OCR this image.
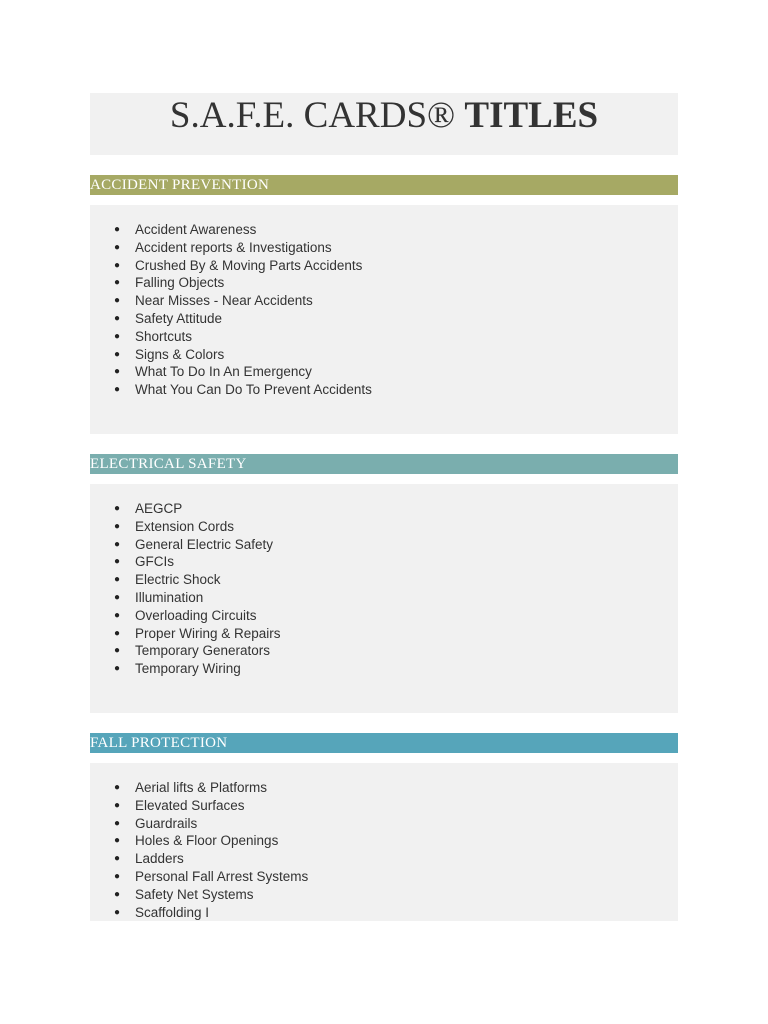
S.A.F.E. CARDS® TITLES
ACCIDENT PREVENTION
● Accident Awareness
● Accident reports & Investigations
● Crushed By & Moving Parts Accidents
● Falling Objects
● Near Misses - Near Accidents
● Safety Attitude
● Shortcuts
● Signs & Colors
● What To Do In An Emergency
● What You Can Do To Prevent Accidents
ELECTRICAL SAFETY
● AEGCP
● Extension Cords
● General Electric Safety
● GFCIs
● Electric Shock
● Illumination
● Overloading Circuits
● Proper Wiring & Repairs
● Temporary Generators
● Temporary Wiring
FALL PROTECTION
● Aerial lifts & Platforms
● Elevated Surfaces
● Guardrails
● Holes & Floor Openings
● Ladders
● Personal Fall Arrest Systems
● Safety Net Systems
● Scaffolding I
